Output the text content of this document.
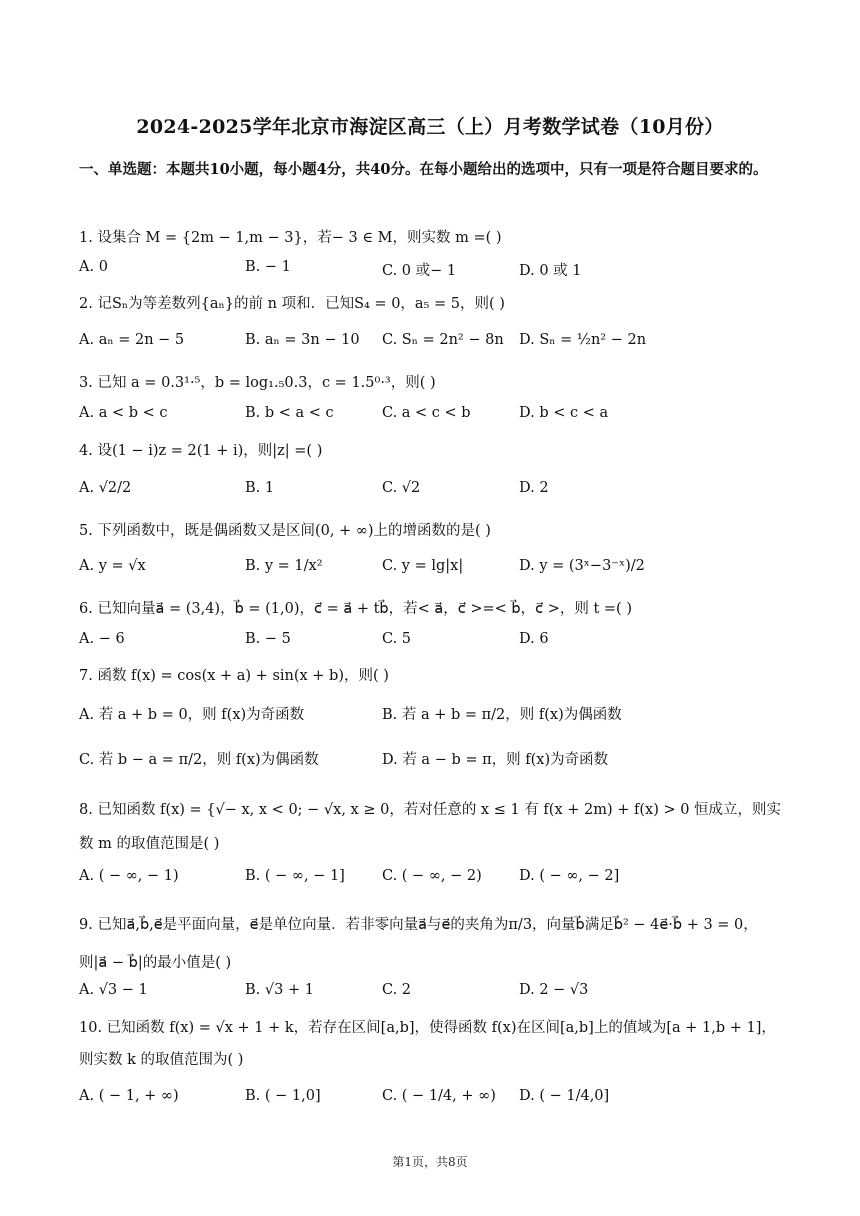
2024-2025学年北京市海淀区高三（上）月考数学试卷（10月份）
一、单选题：本题共10小题，每小题4分，共40分。在每小题给出的选项中，只有一项是符合题目要求的。
1. 设集合 M = {2m − 1,m − 3}，若− 3 ∈ M，则实数 m =( )
A. 0	B. − 1	C. 0 或− 1	D. 0 或 1
2. 记Sₙ为等差数列{aₙ}的前 n 项和．已知S₄ = 0，a₅ = 5，则( )
A. aₙ = 2n − 5	B. aₙ = 3n − 10 C. Sₙ = 2n² − 8n D. Sₙ = ½n² − 2n
3. 已知 a = 0.3¹·⁵，b = log₁.₅0.3，c = 1.5⁰·³，则( )
A. a < b < c	B. b < a < c	C. a < c < b	D. b < c < a
4. 设(1 − i)z = 2(1 + i)，则|z| =( )
A. √2/2	B. 1	C. √2	D. 2
5. 下列函数中，既是偶函数又是区间(0, + ∞)上的增函数的是( )
A. y = √x	B. y = 1/x²	C. y = lg|x|	D. y = (3ˣ−3⁻ˣ)/2
6. 已知向量a⃗ = (3,4)，b⃗ = (1,0)，c⃗ = a⃗ + tb⃗，若< a⃗，c⃗ >=< b⃗，c⃗ >，则 t =( )
A. − 6	B. − 5	C. 5	D. 6
7. 函数 f(x) = cos(x + a) + sin(x + b)，则( )
A. 若 a + b = 0，则 f(x)为奇函数	B. 若 a + b = π/2，则 f(x)为偶函数
C. 若 b − a = π/2，则 f(x)为偶函数	D. 若 a − b = π，则 f(x)为奇函数
8. 已知函数 f(x) = {√− x, x < 0; − √x, x ≥ 0，若对任意的 x ≤ 1 有 f(x + 2m) + f(x) > 0 恒成立，则实数 m 的取值范围是( )
A. ( − ∞, − 1)	B. ( − ∞, − 1]	C. ( − ∞, − 2)	D. ( − ∞, − 2]
9. 已知a⃗,b⃗,e⃗是平面向量，e⃗是单位向量．若非零向量a⃗与e⃗的夹角为π/3，向量b⃗满足b⃗² − 4e⃗·b⃗ + 3 = 0，则|a⃗ − b⃗|的最小值是( )
A. √3 − 1	B. √3 + 1	C. 2	D. 2 − √3
10. 已知函数 f(x) = √x + 1 + k，若存在区间[a,b]，使得函数 f(x)在区间[a,b]上的值域为[a + 1,b + 1]，则实数 k 的取值范围为( )
A. ( − 1, + ∞)	B. ( − 1,0]	C. ( − 1/4, + ∞) D. ( − 1/4,0]
第1页，共8页
